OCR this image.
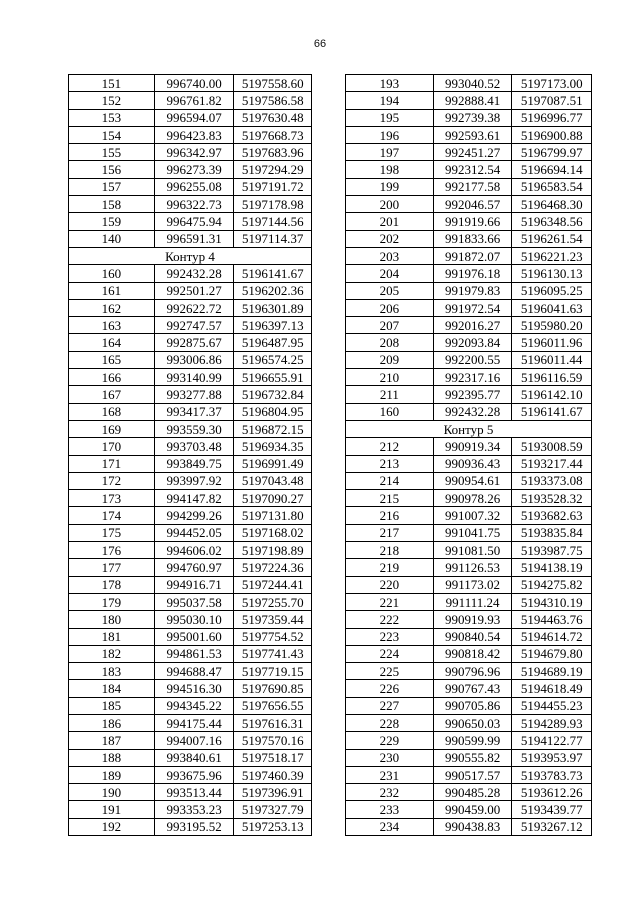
66
151	996740.00	5197558.60
152	996761.82	5197586.58
153	996594.07	5197630.48
154	996423.83	5197668.73
155	996342.97	5197683.96
156	996273.39	5197294.29
157	996255.08	5197191.72
158	996322.73	5197178.98
159	996475.94	5197144.56
140	996591.31	5197114.37
Контур 4		
160	992432.28	5196141.67
161	992501.27	5196202.36
162	992622.72	5196301.89
163	992747.57	5196397.13
164	992875.67	5196487.95
165	993006.86	5196574.25
166	993140.99	5196655.91
167	993277.88	5196732.84
168	993417.37	5196804.95
169	993559.30	5196872.15
170	993703.48	5196934.35
171	993849.75	5196991.49
172	993997.92	5197043.48
173	994147.82	5197090.27
174	994299.26	5197131.80
175	994452.05	5197168.02
176	994606.02	5197198.89
177	994760.97	5197224.36
178	994916.71	5197244.41
179	995037.58	5197255.70
180	995030.10	5197359.44
181	995001.60	5197754.52
182	994861.53	5197741.43
183	994688.47	5197719.15
184	994516.30	5197690.85
185	994345.22	5197656.55
186	994175.44	5197616.31
187	994007.16	5197570.16
188	993840.61	5197518.17
189	993675.96	5197460.39
190	993513.44	5197396.91
191	993353.23	5197327.79
192	993195.52	5197253.13
193	993040.52	5197173.00
194	992888.41	5197087.51
195	992739.38	5196996.77
196	992593.61	5196900.88
197	992451.27	5196799.97
198	992312.54	5196694.14
199	992177.58	5196583.54
200	992046.57	5196468.30
201	991919.66	5196348.56
202	991833.66	5196261.54
203	991872.07	5196221.23
204	991976.18	5196130.13
205	991979.83	5196095.25
206	991972.54	5196041.63
207	992016.27	5195980.20
208	992093.84	5196011.96
209	992200.55	5196011.44
210	992317.16	5196116.59
211	992395.77	5196142.10
160	992432.28	5196141.67
Контур 5		
212	990919.34	5193008.59
213	990936.43	5193217.44
214	990954.61	5193373.08
215	990978.26	5193528.32
216	991007.32	5193682.63
217	991041.75	5193835.84
218	991081.50	5193987.75
219	991126.53	5194138.19
220	991173.02	5194275.82
221	991111.24	5194310.19
222	990919.93	5194463.76
223	990840.54	5194614.72
224	990818.42	5194679.80
225	990796.96	5194689.19
226	990767.43	5194618.49
227	990705.86	5194455.23
228	990650.03	5194289.93
229	990599.99	5194122.77
230	990555.82	5193953.97
231	990517.57	5193783.73
232	990485.28	5193612.26
233	990459.00	5193439.77
234	990438.83	5193267.12
